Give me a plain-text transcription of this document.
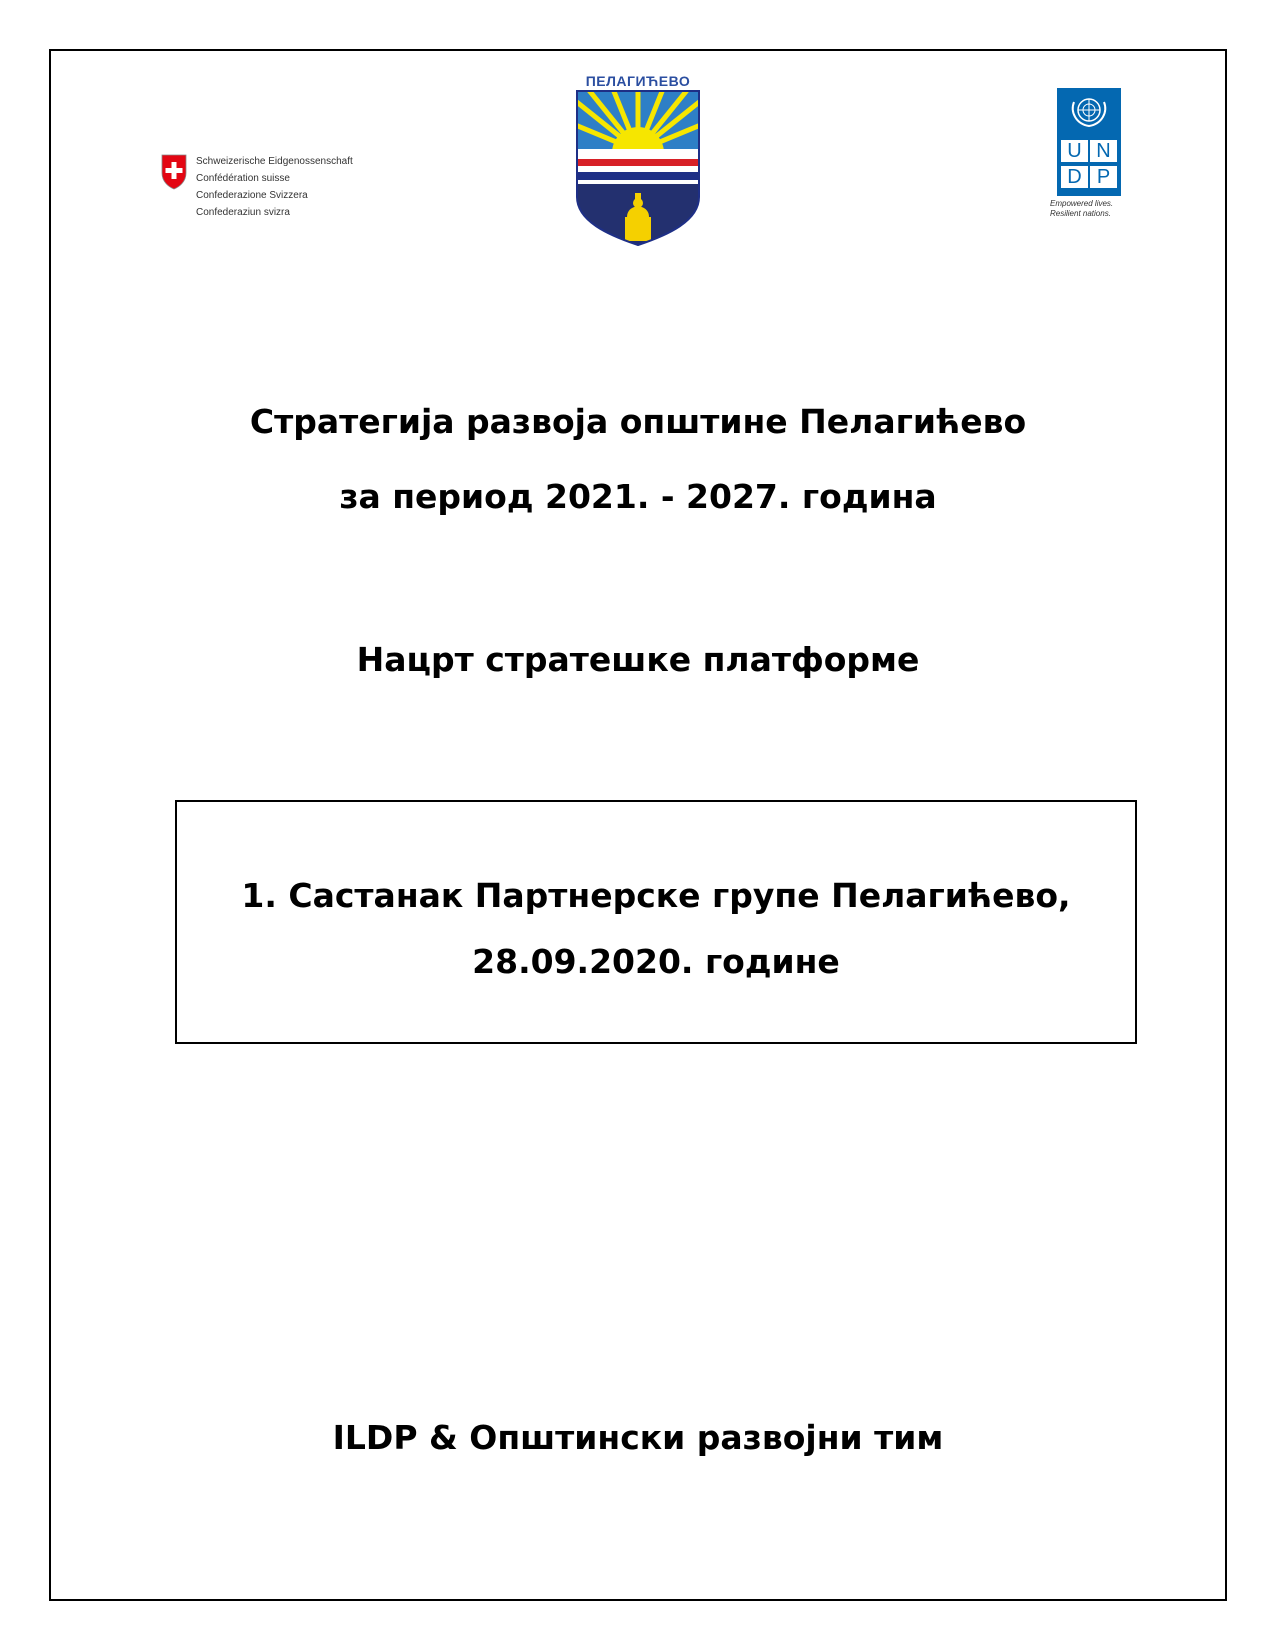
Schweizerische Eidgenossenschaft
Confédération suisse
Confederazione Svizzera
Confederaziun svizra
ПЕЛАГИЋЕВО
U N
D P
Empowered lives.
Resilient nations.
Стратегија развоја општине Пелагићево
за период 2021. - 2027. година
Нацрт стратешке платформе
1. Састанак Партнерске групе Пелагићево,
28.09.2020. године
ILDP & Општински развојни тим
